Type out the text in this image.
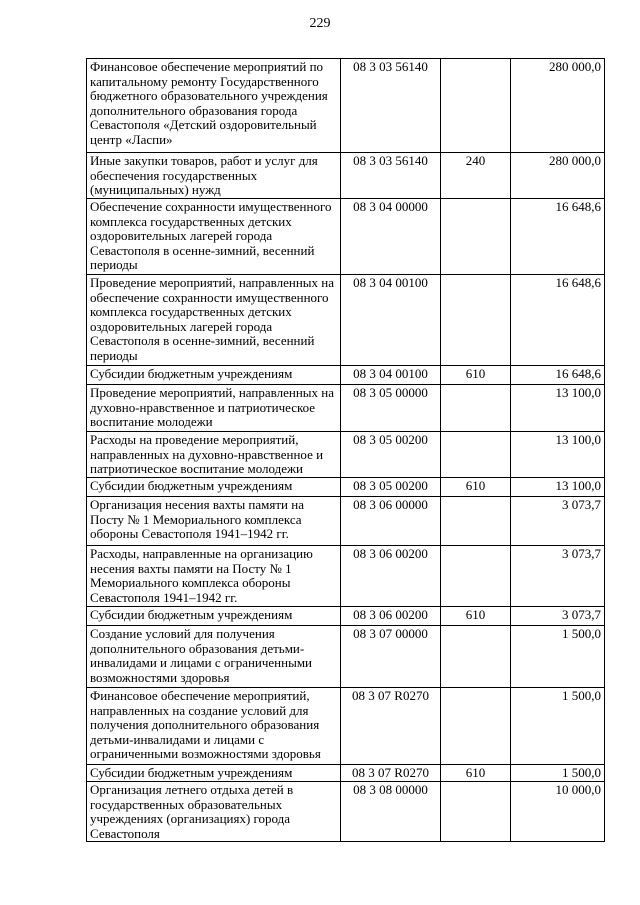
229
Финансовое обеспечение мероприятий по капитальному ремонту Государственного бюджетного образовательного учреждения дополнительного образования города Севастополя «Детский оздоровительный центр «Ласпи»	08 3 03 56140		280 000,0
Иные закупки товаров, работ и услуг для обеспечения государственных (муниципальных) нужд	08 3 03 56140	240	280 000,0
Обеспечение сохранности имущественного комплекса государственных детских оздоровительных лагерей города Севастополя в осенне-зимний, весенний периоды	08 3 04 00000		16 648,6
Проведение мероприятий, направленных на обеспечение сохранности имущественного комплекса государственных детских оздоровительных лагерей города Севастополя в осенне-зимний, весенний периоды	08 3 04 00100		16 648,6
Субсидии бюджетным учреждениям	08 3 04 00100	610	16 648,6
Проведение мероприятий, направленных на духовно-нравственное и патриотическое воспитание молодежи	08 3 05 00000		13 100,0
Расходы на проведение мероприятий, направленных на духовно-нравственное и патриотическое воспитание молодежи	08 3 05 00200		13 100,0
Субсидии бюджетным учреждениям	08 3 05 00200	610	13 100,0
Организация несения вахты памяти на Посту № 1 Мемориального комплекса обороны Севастополя 1941–1942 гг.	08 3 06 00000		3 073,7
Расходы, направленные на организацию несения вахты памяти на Посту № 1 Мемориального комплекса обороны Севастополя 1941–1942 гг.	08 3 06 00200		3 073,7
Субсидии бюджетным учреждениям	08 3 06 00200	610	3 073,7
Создание условий для получения дополнительного образования детьми-инвалидами и лицами с ограниченными возможностями здоровья	08 3 07 00000		1 500,0
Финансовое обеспечение мероприятий, направленных на создание условий для получения дополнительного образования детьми-инвалидами и лицами с ограниченными возможностями здоровья	08 3 07 R0270		1 500,0
Субсидии бюджетным учреждениям	08 3 07 R0270	610	1 500,0
Организация летнего отдыха детей в государственных образовательных учреждениях (организациях) города Севастополя	08 3 08 00000		10 000,0
